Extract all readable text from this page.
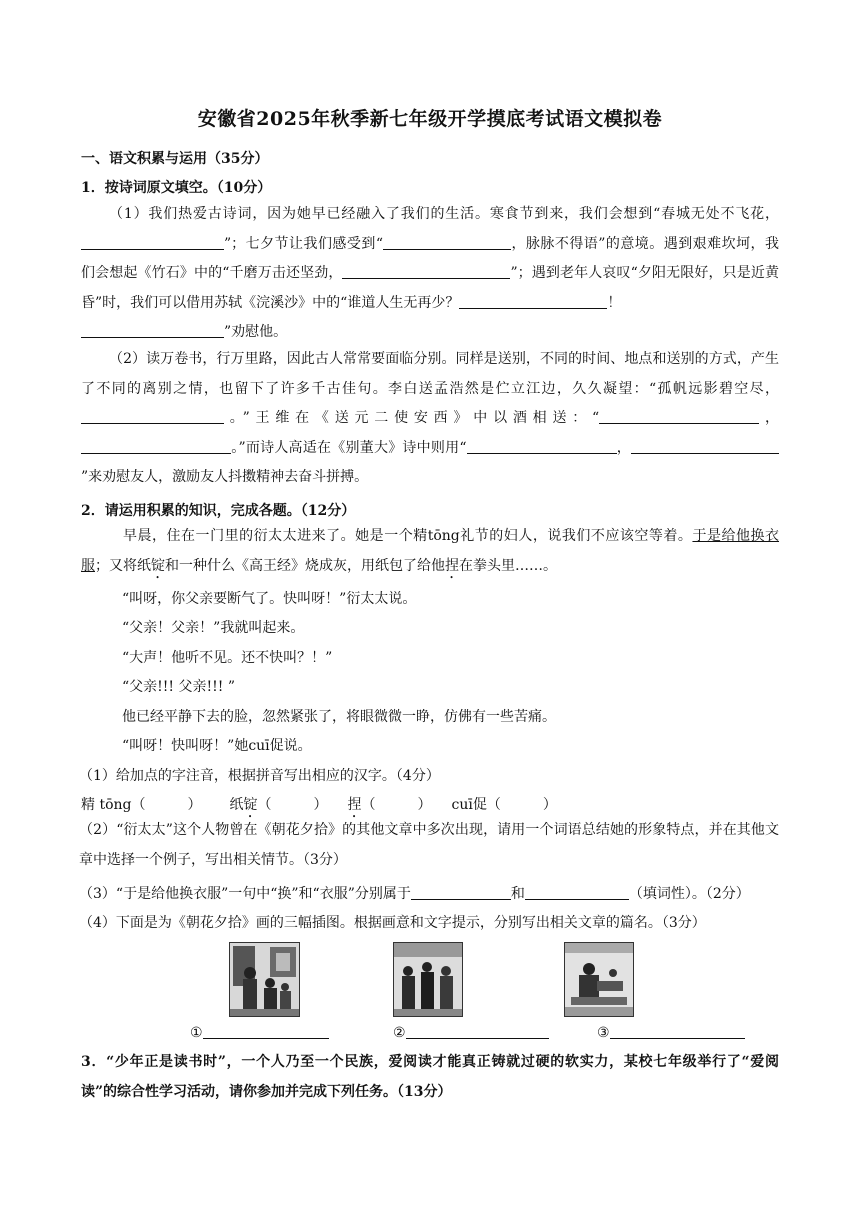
安徽省2025年秋季新七年级开学摸底考试语文模拟卷
一、语文积累与运用（35分）
1．按诗词原文填空。（10分）
（1）我们热爱古诗词，因为她早已经融入了我们的生活。寒食节到来，我们会想到“春城无处不飞花，”；七夕节让我们感受到“	，脉脉不得语”的意境。遇到艰难坎坷，我们会想起《竹石》中的“千磨万击还坚劲，	”；遇到老年人哀叹“夕阳无限好，只是近黄昏”时，我们可以借用苏轼《浣溪沙》中的“谁道人生无再少？	！
”劝慰他。
（2）读万卷书，行万里路，因此古人常常要面临分别。同样是送别，不同的时间、地点和送别的方式，产生了不同的离别之情，也留下了许多千古佳句。李白送孟浩然是伫立江边，久久凝望：“孤帆远影碧空尽，。”王维在《送元二使安西》中以酒相送：“	，。”而诗人高适在《别董大》诗中则用“	，”来劝慰友人，激励友人抖擞精神去奋斗拼搏。
2．请运用积累的知识，完成各题。（12分）
早晨，住在一门里的衍太太进来了。她是一个精tōng礼节的妇人，说我们不应该空等着。于是给他换衣服；又将纸锭和一种什么《高王经》烧成灰，用纸包了给他捏在拳头里……。
“叫呀，你父亲要断气了。快叫呀！”衍太太说。
“父亲！父亲！”我就叫起来。
“大声！他听不见。还不快叫？！”
“父亲!!! 父亲!!! ”
他已经平静下去的脸，忽然紧张了，将眼微微一睁，仿佛有一些苦痛。
“叫呀！快叫呀！”她cuī促说。
（1）给加点的字注音，根据拼音写出相应的汉字。（4分）
精 tōng（　　　） 纸锭（　　　） 捏（　　　） cuī促（　　　）
（2）“衍太太”这个人物曾在《朝花夕拾》的其他文章中多次出现，请用一个词语总结她的形象特点，并在其他文章中选择一个例子，写出相关情节。（3分）
（3）“于是给他换衣服”一句中“换”和“衣服”分别属于	和	（填词性）。（2分）
（4）下面是为《朝花夕拾》画的三幅插图。根据画意和文字提示，分别写出相关文章的篇名。（3分）
①	②	③
3．“少年正是读书时”，一个人乃至一个民族，爱阅读才能真正铸就过硬的软实力，某校七年级举行了“爱阅读”的综合性学习活动，请你参加并完成下列任务。（13分）
